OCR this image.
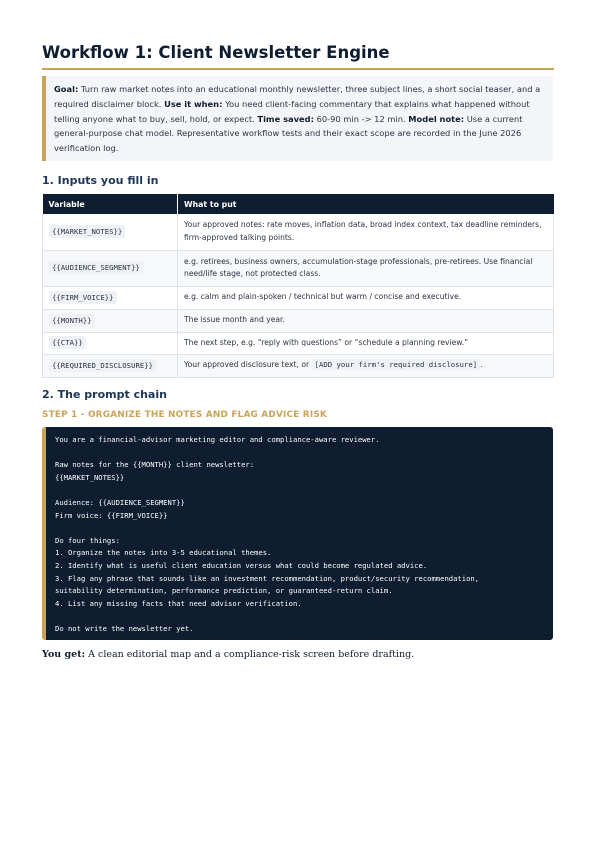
Workflow 1: Client Newsletter Engine
Goal: Turn raw market notes into an educational monthly newsletter, three subject lines, a short social teaser, and a required disclaimer block. Use it when: You need client-facing commentary that explains what happened without telling anyone what to buy, sell, hold, or expect. Time saved: 60-90 min -> 12 min. Model note: Use a current general-purpose chat model. Representative workflow tests and their exact scope are recorded in the June 2026 verification log.
1. Inputs you fill in
Variable	What to put
{{MARKET_NOTES}}	Your approved notes: rate moves, inflation data, broad index context, tax deadline reminders, firm-approved talking points.
{{AUDIENCE_SEGMENT}}	e.g. retirees, business owners, accumulation-stage professionals, pre-retirees. Use financial need/life stage, not protected class.
{{FIRM_VOICE}}	e.g. calm and plain-spoken / technical but warm / concise and executive.
{{MONTH}}	The issue month and year.
{{CTA}}	The next step, e.g. “reply with questions” or “schedule a planning review.”
{{REQUIRED_DISCLOSURE}}	Your approved disclosure text, or [ADD your firm's required disclosure] .
2. The prompt chain
STEP 1 - ORGANIZE THE NOTES AND FLAG ADVICE RISK
You are a financial-advisor marketing editor and compliance-aware reviewer.

Raw notes for the {{MONTH}} client newsletter:
{{MARKET_NOTES}}

Audience: {{AUDIENCE_SEGMENT}}
Firm voice: {{FIRM_VOICE}}

Do four things:
1. Organize the notes into 3-5 educational themes.
2. Identify what is useful client education versus what could become regulated advice.
3. Flag any phrase that sounds like an investment recommendation, product/security recommendation,
suitability determination, performance prediction, or guaranteed-return claim.
4. List any missing facts that need advisor verification.

Do not write the newsletter yet.

You get: A clean editorial map and a compliance-risk screen before drafting.
